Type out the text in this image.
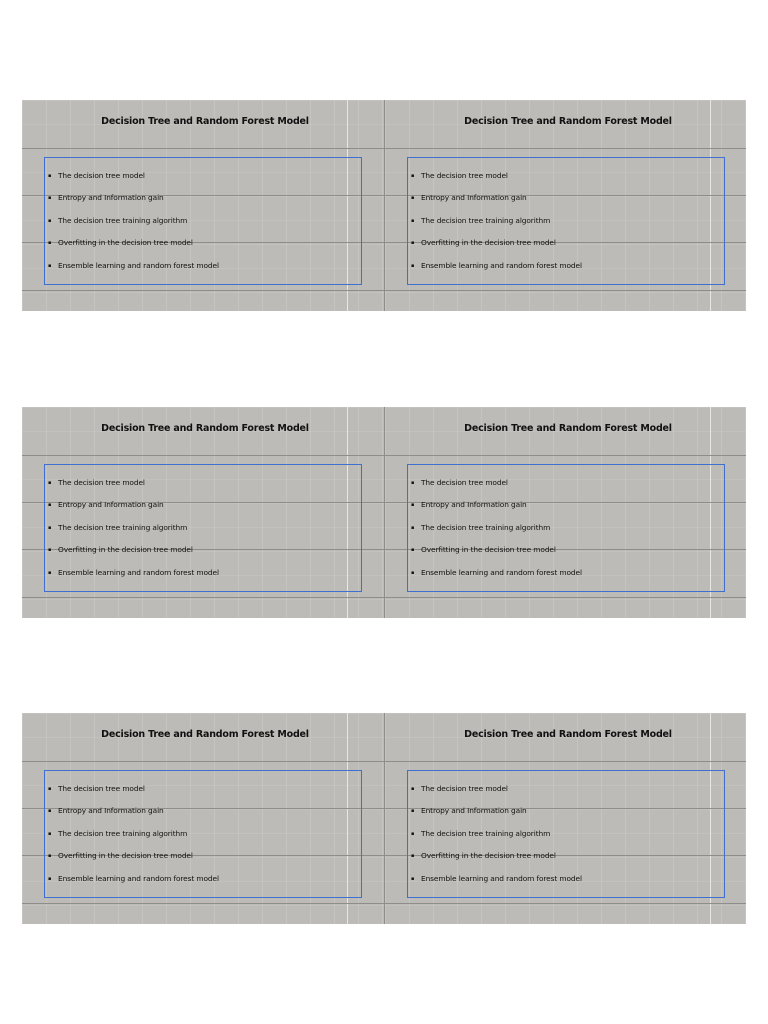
Decision Tree and Random Forest Model
▪ The decision tree model
▪ Entropy and Information gain
▪ The decision tree training algorithm
▪ Overfitting in the decision tree model
▪ Ensemble learning and random forest model
Decision Tree and Random Forest Model
▪ The decision tree model
▪ Entropy and Information gain
▪ The decision tree training algorithm
▪ Overfitting in the decision tree model
▪ Ensemble learning and random forest model
Decision Tree and Random Forest Model
▪ The decision tree model
▪ Entropy and Information gain
▪ The decision tree training algorithm
▪ Overfitting in the decision tree model
▪ Ensemble learning and random forest model
Decision Tree and Random Forest Model
▪ The decision tree model
▪ Entropy and Information gain
▪ The decision tree training algorithm
▪ Overfitting in the decision tree model
▪ Ensemble learning and random forest model
Decision Tree and Random Forest Model
▪ The decision tree model
▪ Entropy and Information gain
▪ The decision tree training algorithm
▪ Overfitting in the decision tree model
▪ Ensemble learning and random forest model
Decision Tree and Random Forest Model
▪ The decision tree model
▪ Entropy and Information gain
▪ The decision tree training algorithm
▪ Overfitting in the decision tree model
▪ Ensemble learning and random forest model
